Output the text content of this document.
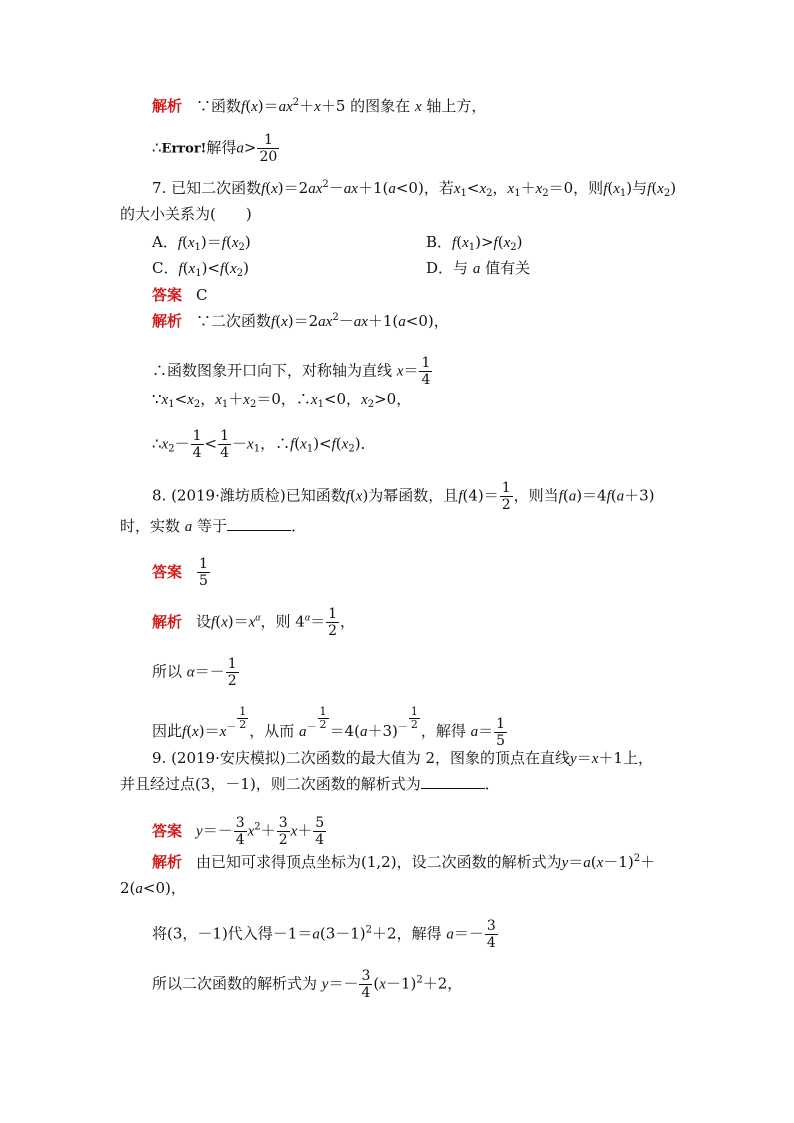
解析 ∵函数$f(x)=ax^2+x+5$ 的图象在 x 轴上方，
∴Error!解得$a> \frac{1}{20}$
7. 已知二次函数$f(x)=2ax^2-ax+1(a<0)$，若$x_1<x_2$，$x_1+x_2=0$，则$f(x_1)$与$f(x_2)$
的大小关系为(　　)
A．$f(x_1)=f(x_2)$	B．$f(x_1)>f(x_2)$
C．$f(x_1)<f(x_2)$	D．与 a 值有关
答案 C
解析 ∵二次函数$f(x)=2ax^2-ax+1(a<0)$，
∴函数图象开口向下，对称轴为直线 $x= \frac{1}{4}$
$\because x_1<x_2$，$x_1+x_2=0$，$\therefore x_1<0$，$x_2>0$，
$\therefore x_2- \frac{1}{4} < \frac{1}{4} -x_1$，$\therefore f(x_1)<f(x_2)$．
8. (2019·潍坊质检)已知函数f(x)为幂函数，且$f(4)= \frac{1}{2}$ ，则当f(a)＝4f(a＋3)
时，实数 a 等于	．
答案 $\frac{1}{5}$
解析 设$f(x)=x^\alpha$，则 $4^\alpha= \frac{1}{2}$ ，
所以 $\alpha=- \frac{1}{2}$
因此$f(x)=x^- \frac{1}{2}$ ，从而 $a^- \frac{1}{2} =4(a+3)^- \frac{1}{2}$ ，解得 $a= \frac{1}{5}$
9. (2019·安庆模拟)二次函数的最大值为 2，图象的顶点在直线y＝x＋1上，
并且经过点(3，－1)，则二次函数的解析式为	．
答案 $y=- \frac{3}{4} x^2+ \frac{3}{2} x+ \frac{5}{4}$
解析 由已知可求得顶点坐标为(1,2)，设二次函数的解析式为$y=a(x-1)^2+$
2(a<0)，
将(3，－1)代入得$-1=a(3-1)^2+2$，解得 $a=- \frac{3}{4}$
所以二次函数的解析式为 $y=- \frac{3}{4} (x-1)^2+2$，
